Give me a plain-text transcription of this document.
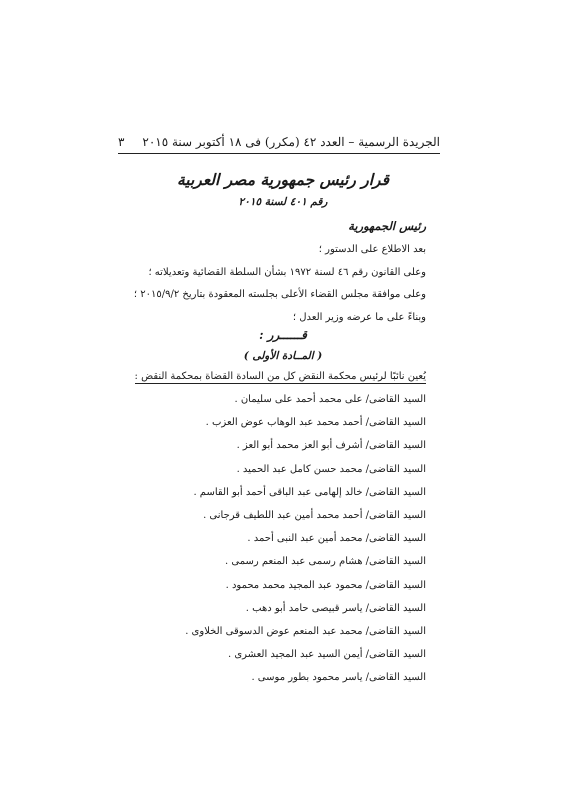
الجريدة الرسمية – العدد ٤٢ (مكرر) فى ١٨ أكتوبر سنة ٢٠١٥
٣
قرار رئيس جمهورية مصر العربية
رقم ٤٠١ لسنة ٢٠١٥
رئيس الجمهورية
بعد الاطلاع على الدستور ؛
وعلى القانون رقم ٤٦ لسنة ١٩٧٢ بشأن السلطة القضائية وتعديلاته ؛
وعلى موافقة مجلس القضاء الأعلى بجلسته المعقودة بتاريخ ٢٠١٥/٩/٢ ؛
وبناءً على ما عرضه وزير العدل ؛
قــــــرر :
( المــادة الأولى )
يُعين نائبًا لرئيس محكمة النقض كل من السادة القضاة بمحكمة النقض :
السيد القاضى/ على محمد أحمد على سليمان .
السيد القاضى/ أحمد محمد عبد الوهاب عوض العزب .
السيد القاضى/ أشرف أبو العز محمد أبو العز .
السيد القاضى/ محمد حسن كامل عبد الحميد .
السيد القاضى/ خالد إلهامى عبد الباقى أحمد أبو القاسم .
السيد القاضى/ أحمد محمد أمين عبد اللطيف قرجانى .
السيد القاضى/ محمد أمين عبد النبى أحمد .
السيد القاضى/ هشام رسمى عبد المنعم رسمى .
السيد القاضى/ محمود عبد المجيد محمد محمود .
السيد القاضى/ ياسر قبيصى حامد أبو دهب .
السيد القاضى/ محمد عبد المنعم عوض الدسوقى الخلاوى .
السيد القاضى/ أيمن السيد عبد المجيد العشرى .
السيد القاضى/ ياسر محمود بطور موسى .
